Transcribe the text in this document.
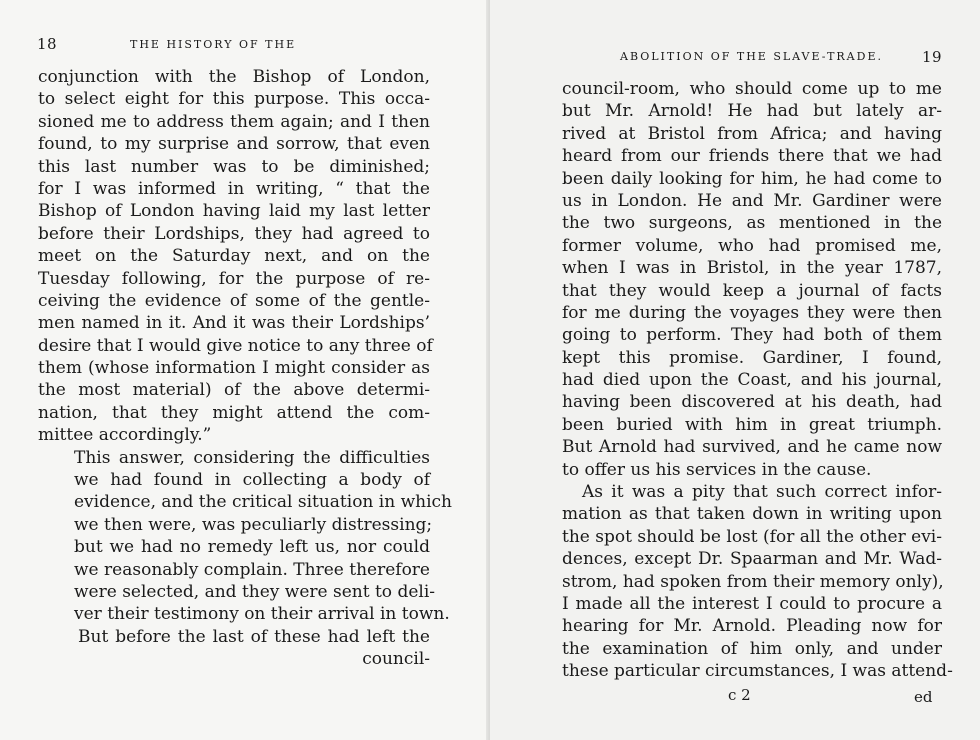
18	THE HISTORY OF THE
conjunction with the Bishop of London,
to select eight for this purpose. This occa-
sioned me to address them again; and I then
found, to my surprise and sorrow, that even
this last number was to be diminished;
for I was informed in writing, “ that the
Bishop of London having laid my last letter
before their Lordships, they had agreed to
meet on the Saturday next, and on the
Tuesday following, for the purpose of re-
ceiving the evidence of some of the gentle-
men named in it. And it was their Lordships’
desire that I would give notice to any three of
them (whose information I might consider as
the most material) of the above determi-
nation, that they might attend the com-
mittee accordingly.”
This answer, considering the difficulties
we had found in collecting a body of
evidence, and the critical situation in which
we then were, was peculiarly distressing;
but we had no remedy left us, nor could
we reasonably complain. Three therefore
were selected, and they were sent to deli-
ver their testimony on their arrival in town.
But before the last of these had left the
council-
ABOLITION OF THE SLAVE-TRADE.	19
council-room, who should come up to me
but Mr. Arnold! He had but lately ar-
rived at Bristol from Africa; and having
heard from our friends there that we had
been daily looking for him, he had come to
us in London. He and Mr. Gardiner were
the two surgeons, as mentioned in the
former volume, who had promised me,
when I was in Bristol, in the year 1787,
that they would keep a journal of facts
for me during the voyages they were then
going to perform. They had both of them
kept this promise. Gardiner, I found,
had died upon the Coast, and his journal,
having been discovered at his death, had
been buried with him in great triumph.
But Arnold had survived, and he came now
to offer us his services in the cause.
As it was a pity that such correct infor-
mation as that taken down in writing upon
the spot should be lost (for all the other evi-
dences, except Dr. Spaarman and Mr. Wad-
strom, had spoken from their memory only),
I made all the interest I could to procure a
hearing for Mr. Arnold. Pleading now for
the examination of him only, and under
these particular circumstances, I was attend-
c 2	ed
